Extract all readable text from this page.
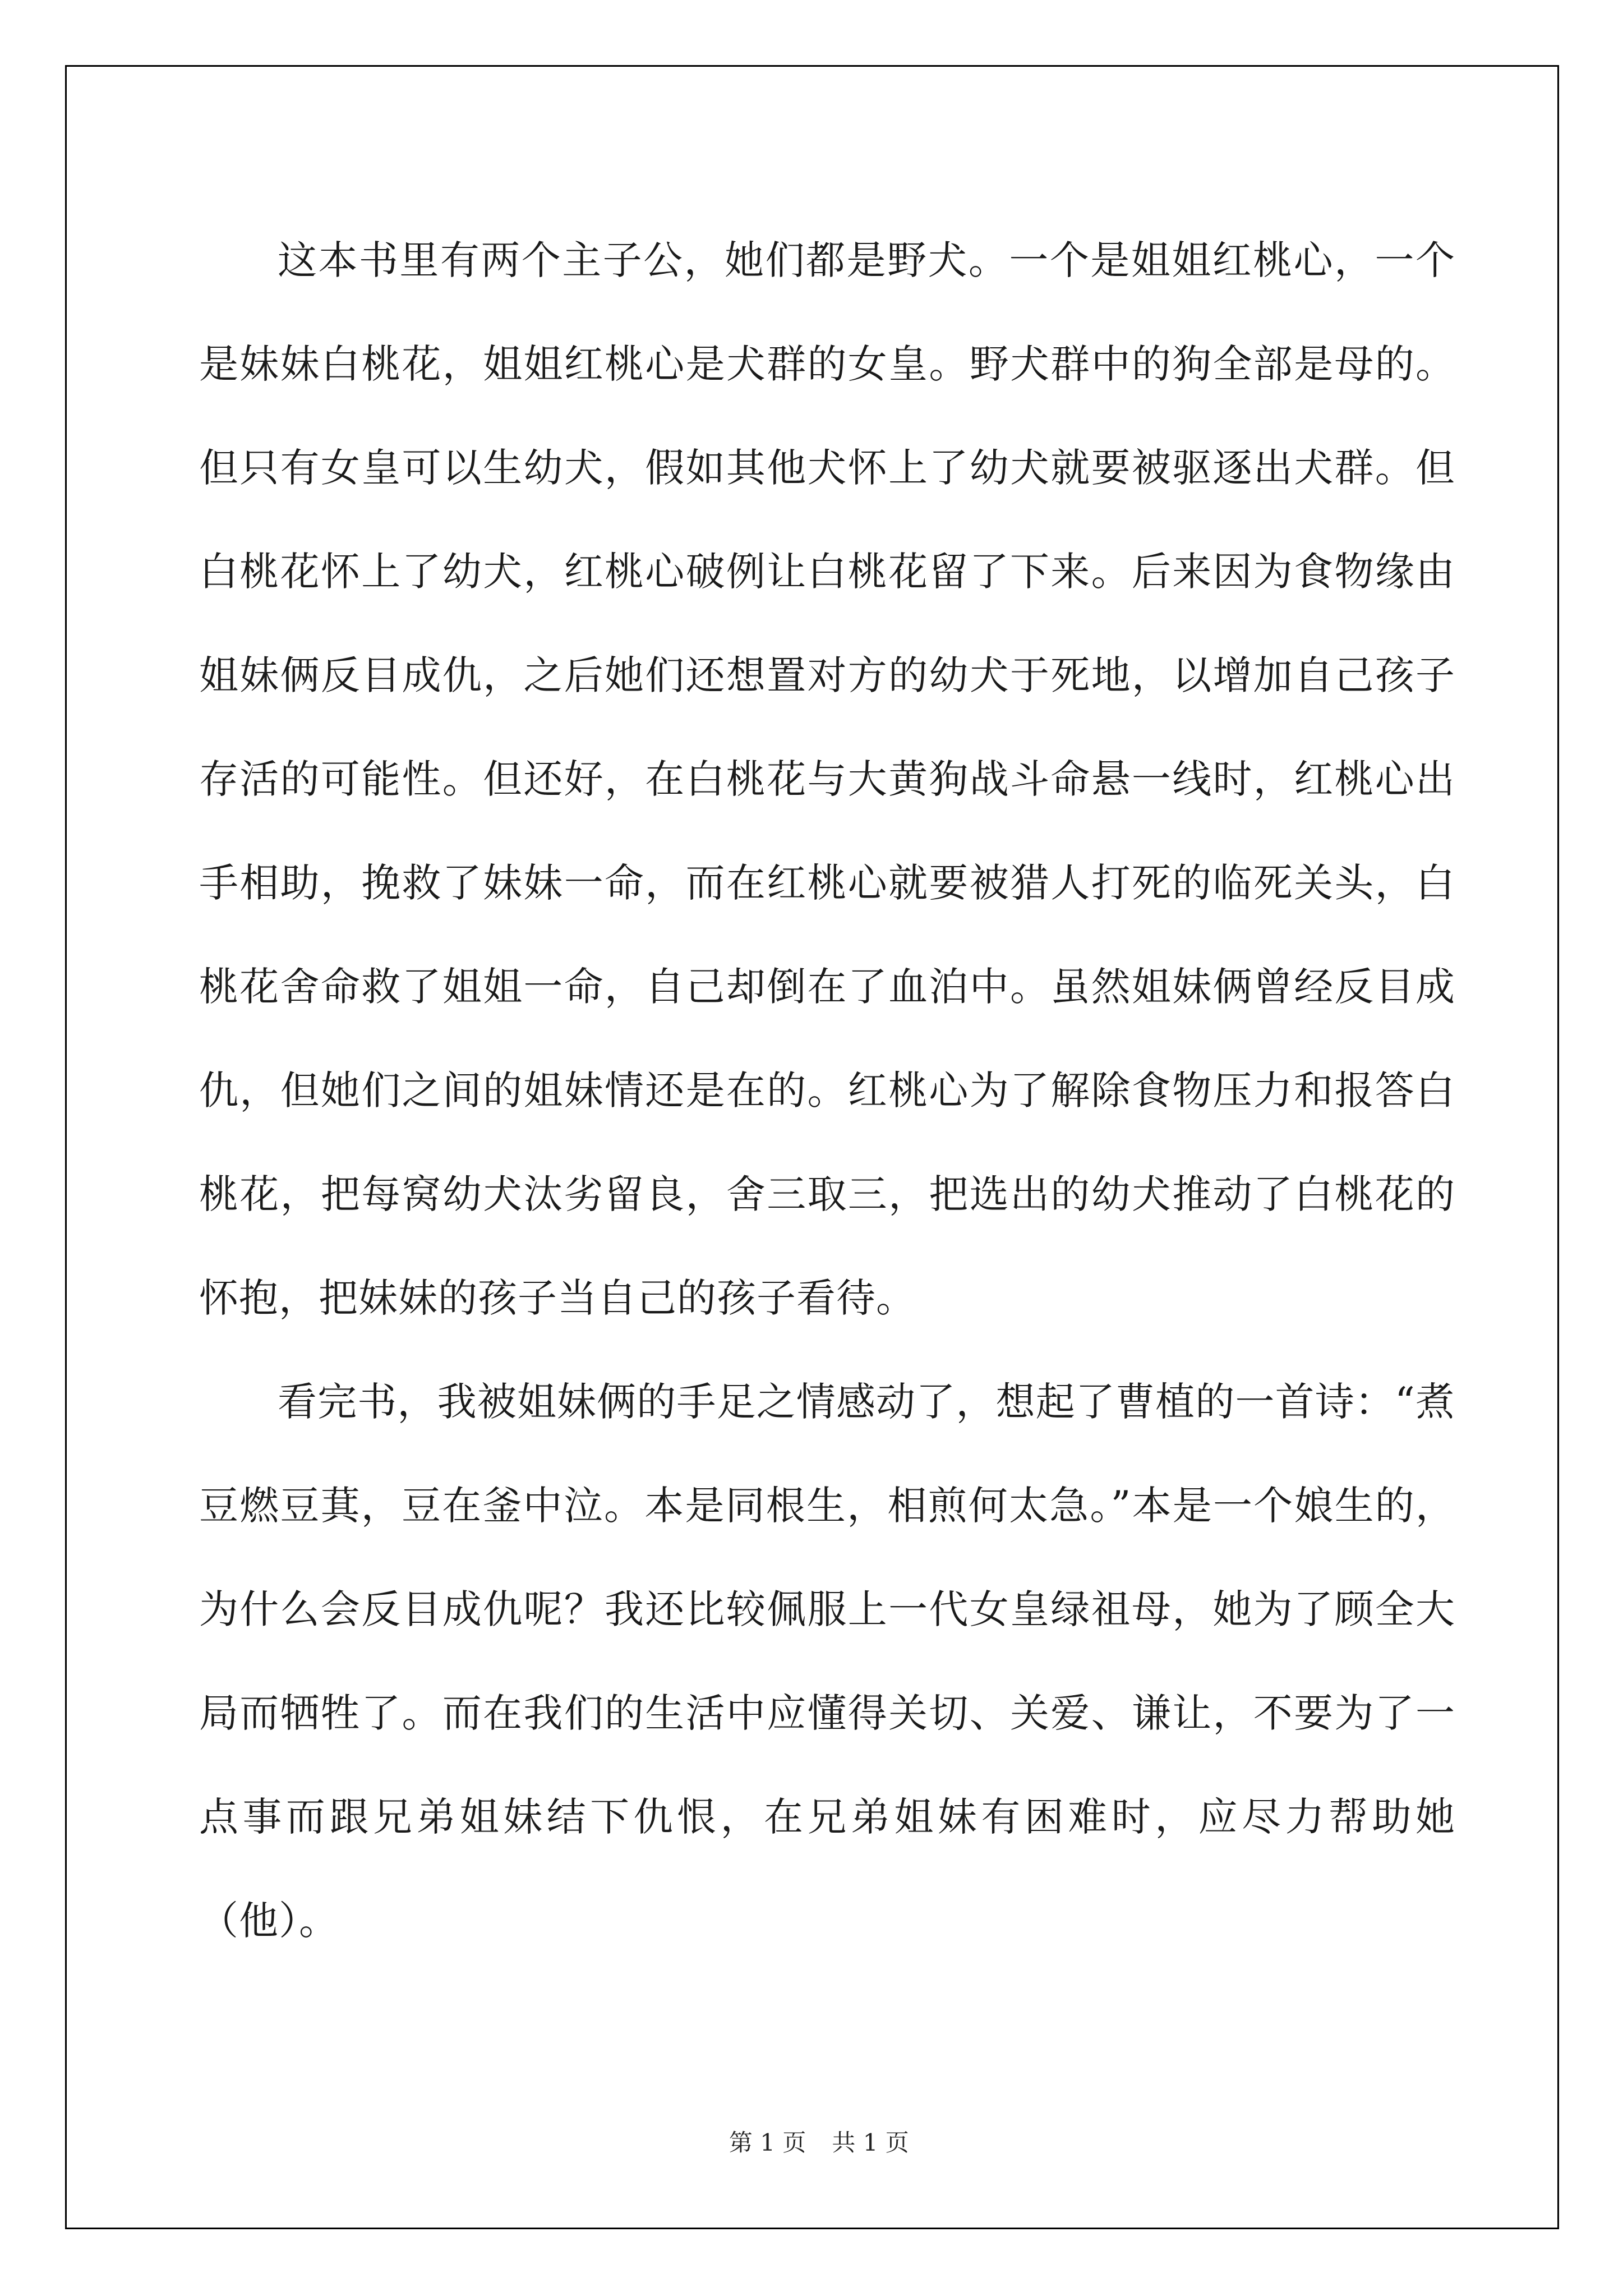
这本书里有两个主子公，她们都是野犬。一个是姐姐红桃心，一个是妹妹白桃花，姐姐红桃心是犬群的女皇。野犬群中的狗全部是母的。但只有女皇可以生幼犬，假如其他犬怀上了幼犬就要被驱逐出犬群。但白桃花怀上了幼犬，红桃心破例让白桃花留了下来。后来因为食物缘由姐妹俩反目成仇，之后她们还想置对方的幼犬于死地，以增加自己孩子存活的可能性。但还好，在白桃花与大黄狗战斗命悬一线时，红桃心出手相助，挽救了妹妹一命，而在红桃心就要被猎人打死的临死关头，白桃花舍命救了姐姐一命，自己却倒在了血泊中。虽然姐妹俩曾经反目成仇，但她们之间的姐妹情还是在的。红桃心为了解除食物压力和报答白桃花，把每窝幼犬汰劣留良，舍三取三，把选出的幼犬推动了白桃花的怀抱，把妹妹的孩子当自己的孩子看待。

看完书，我被姐妹俩的手足之情感动了，想起了曹植的一首诗：“煮豆燃豆萁，豆在釜中泣。本是同根生，相煎何太急。”本是一个娘生的，为什么会反目成仇呢？我还比较佩服上一代女皇绿祖母，她为了顾全大局而牺牲了。而在我们的生活中应懂得关切、关爱、谦让，不要为了一点事而跟兄弟姐妹结下仇恨，在兄弟姐妹有困难时，应尽力帮助她（他）。

第 1 页 共 1 页
